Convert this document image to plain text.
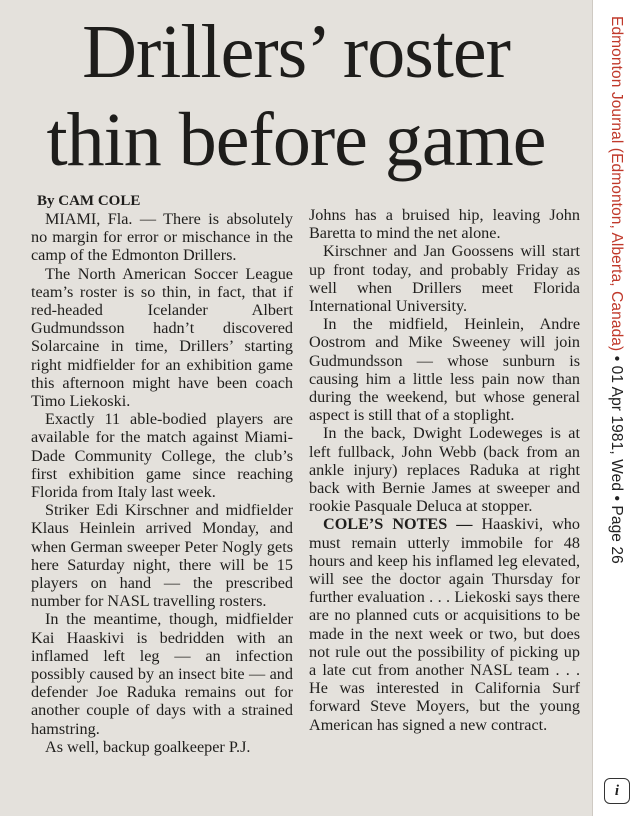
Drillers’ roster
thin before game

By CAM COLE

MIAMI, Fla. — There is absolutely no margin for error or mischance in the camp of the Edmonton Drillers.

The North American Soccer League team’s roster is so thin, in fact, that if red-headed Icelander Albert Gudmundsson hadn’t discovered Solarcaine in time, Drillers’ starting right midfielder for an exhibition game this afternoon might have been coach Timo Liekoski.

Exactly 11 able-bodied players are available for the match against Miami-Dade Community College, the club’s first exhibition game since reaching Florida from Italy last week.

Striker Edi Kirschner and midfielder Klaus Heinlein arrived Monday, and when German sweeper Peter Nogly gets here Saturday night, there will be 15 players on hand — the prescribed number for NASL travelling rosters.

In the meantime, though, midfielder Kai Haaskivi is bedridden with an inflamed left leg — an infection possibly caused by an insect bite — and defender Joe Raduka remains out for another couple of days with a strained hamstring.

As well, backup goalkeeper P.J.

Johns has a bruised hip, leaving John Baretta to mind the net alone.

Kirschner and Jan Goossens will start up front today, and probably Friday as well when Drillers meet Florida International University.

In the midfield, Heinlein, Andre Oostrom and Mike Sweeney will join Gudmundsson — whose sunburn is causing him a little less pain now than during the weekend, but whose general aspect is still that of a stoplight.

In the back, Dwight Lodeweges is at left fullback, John Webb (back from an ankle injury) replaces Raduka at right back with Bernie James at sweeper and rookie Pasquale Deluca at stopper.

COLE’S NOTES — Haaskivi, who must remain utterly immobile for 48 hours and keep his inflamed leg elevated, will see the doctor again Thursday for further evaluation . . . Liekoski says there are no planned cuts or acquisitions to be made in the next week or two, but does not rule out the possibility of picking up a late cut from another NASL team . . . He was interested in California Surf forward Steve Moyers, but the young American has signed a new contract.

Edmonton Journal (Edmonton, Alberta, Canada) • 01 Apr 1981, Wed • Page 26
i
